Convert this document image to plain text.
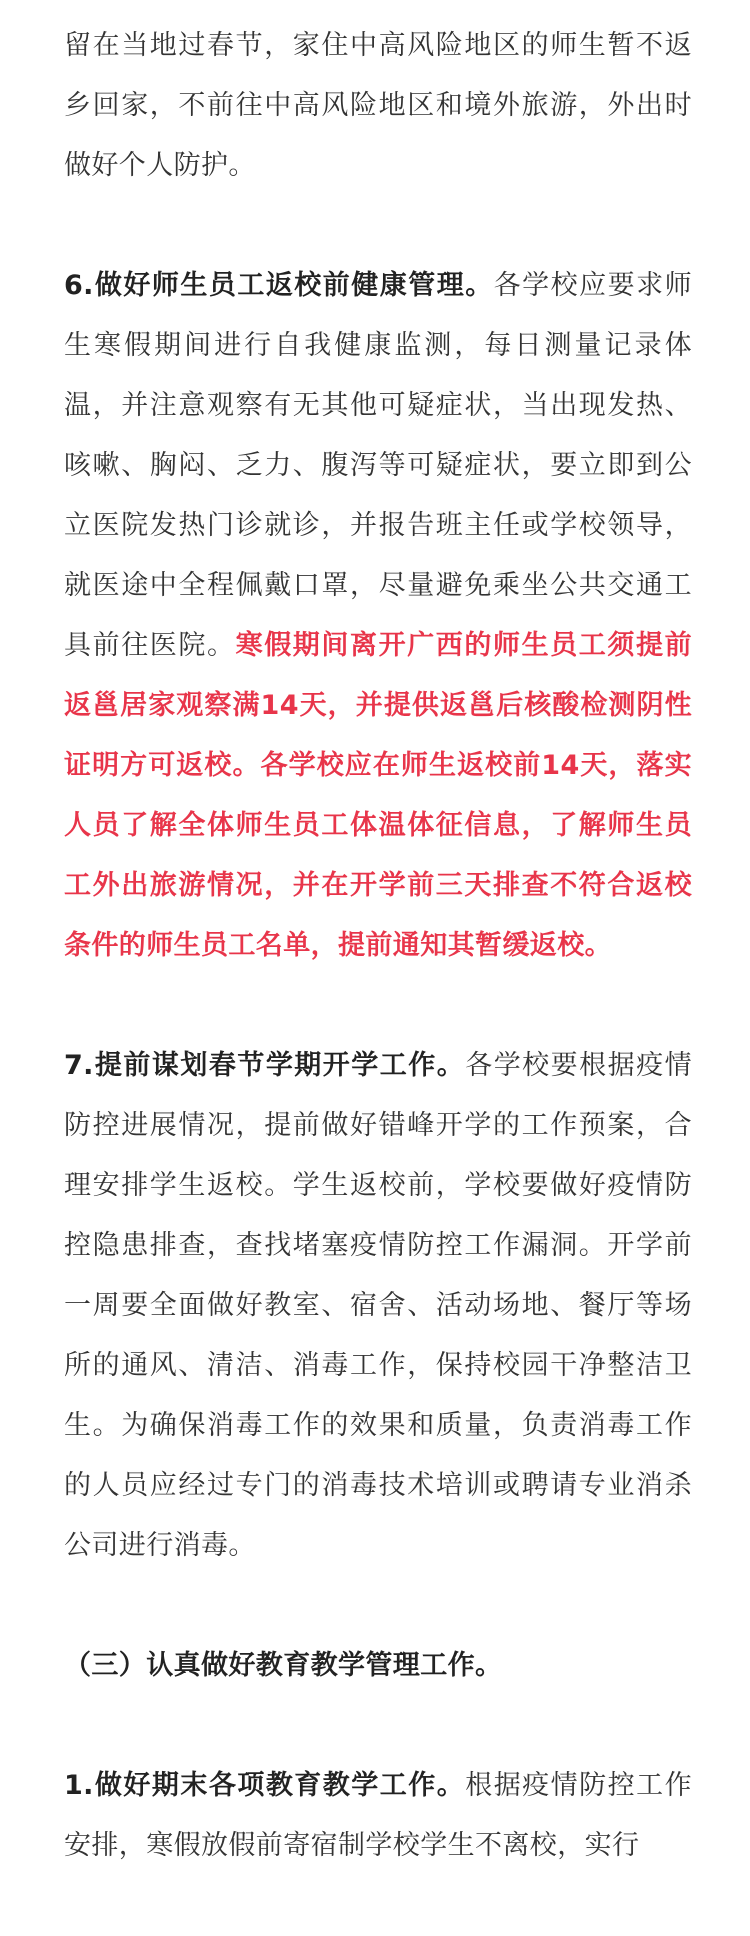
留在当地过春节，家住中高风险地区的师生暂不返乡回家，不前往中高风险地区和境外旅游，外出时做好个人防护。

6.做好师生员工返校前健康管理。各学校应要求师生寒假期间进行自我健康监测，每日测量记录体温，并注意观察有无其他可疑症状，当出现发热、咳嗽、胸闷、乏力、腹泻等可疑症状，要立即到公立医院发热门诊就诊，并报告班主任或学校领导，就医途中全程佩戴口罩，尽量避免乘坐公共交通工具前往医院。寒假期间离开广西的师生员工须提前返邕居家观察满14天，并提供返邕后核酸检测阴性证明方可返校。各学校应在师生返校前14天，落实人员了解全体师生员工体温体征信息，了解师生员工外出旅游情况，并在开学前三天排查不符合返校条件的师生员工名单，提前通知其暂缓返校。

7.提前谋划春节学期开学工作。各学校要根据疫情防控进展情况，提前做好错峰开学的工作预案，合理安排学生返校。学生返校前，学校要做好疫情防控隐患排查，查找堵塞疫情防控工作漏洞。开学前一周要全面做好教室、宿舍、活动场地、餐厅等场所的通风、清洁、消毒工作，保持校园干净整洁卫生。为确保消毒工作的效果和质量，负责消毒工作的人员应经过专门的消毒技术培训或聘请专业消杀公司进行消毒。

（三）认真做好教育教学管理工作。

1.做好期末各项教育教学工作。根据疫情防控工作安排，寒假放假前寄宿制学校学生不离校，实行
